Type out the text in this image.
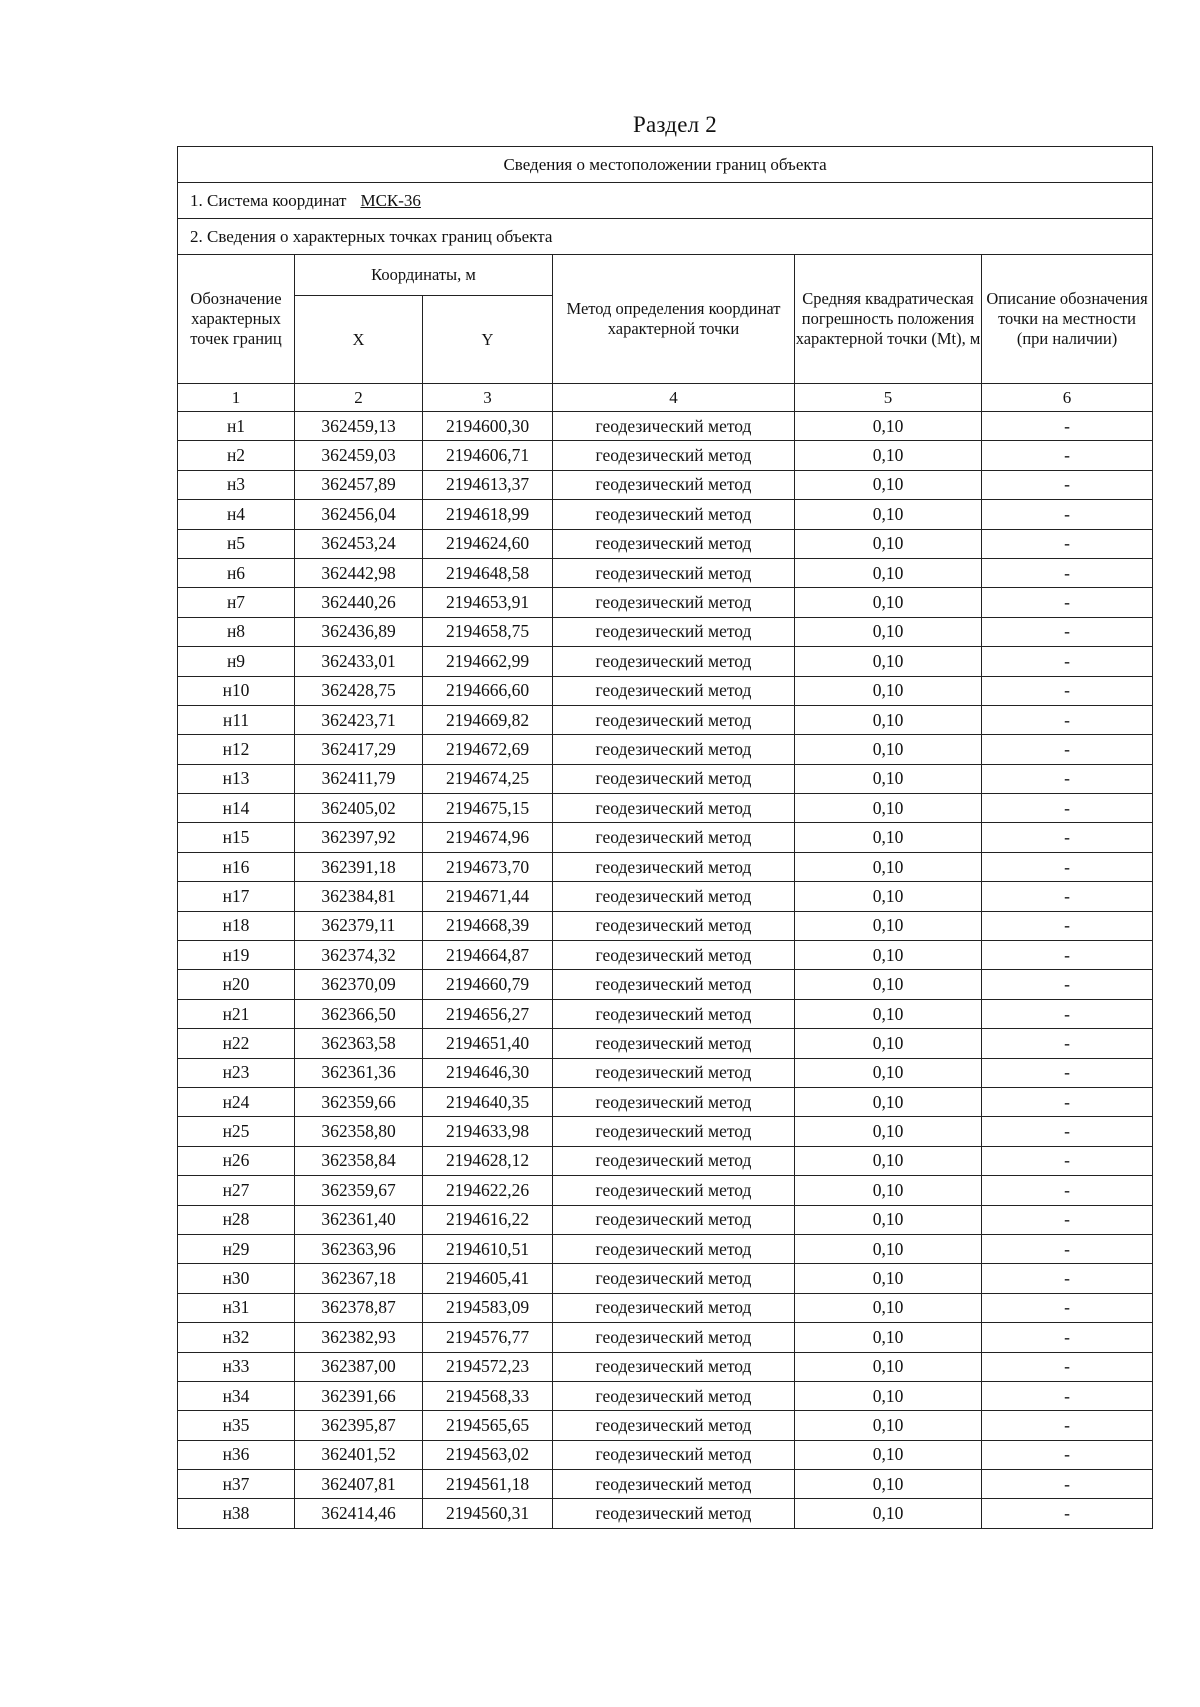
Раздел 2
Сведения о местоположении границ объекта					
1. Система координат МСК-36					
2. Сведения о характерных точках границ объекта					
Обозначение характерных точек границ	Координаты, м		Метод определения координат характерной точки	Средняя квадратическая погрешность положения характерной точки (Mt), м	Описание обозначения точки на местности (при наличии)
	X	Y			
1	2	3	4	5	6
н1	362459,13	2194600,30	геодезический метод	0,10	-
н2	362459,03	2194606,71	геодезический метод	0,10	-
н3	362457,89	2194613,37	геодезический метод	0,10	-
н4	362456,04	2194618,99	геодезический метод	0,10	-
н5	362453,24	2194624,60	геодезический метод	0,10	-
н6	362442,98	2194648,58	геодезический метод	0,10	-
н7	362440,26	2194653,91	геодезический метод	0,10	-
н8	362436,89	2194658,75	геодезический метод	0,10	-
н9	362433,01	2194662,99	геодезический метод	0,10	-
н10	362428,75	2194666,60	геодезический метод	0,10	-
н11	362423,71	2194669,82	геодезический метод	0,10	-
н12	362417,29	2194672,69	геодезический метод	0,10	-
н13	362411,79	2194674,25	геодезический метод	0,10	-
н14	362405,02	2194675,15	геодезический метод	0,10	-
н15	362397,92	2194674,96	геодезический метод	0,10	-
н16	362391,18	2194673,70	геодезический метод	0,10	-
н17	362384,81	2194671,44	геодезический метод	0,10	-
н18	362379,11	2194668,39	геодезический метод	0,10	-
н19	362374,32	2194664,87	геодезический метод	0,10	-
н20	362370,09	2194660,79	геодезический метод	0,10	-
н21	362366,50	2194656,27	геодезический метод	0,10	-
н22	362363,58	2194651,40	геодезический метод	0,10	-
н23	362361,36	2194646,30	геодезический метод	0,10	-
н24	362359,66	2194640,35	геодезический метод	0,10	-
н25	362358,80	2194633,98	геодезический метод	0,10	-
н26	362358,84	2194628,12	геодезический метод	0,10	-
н27	362359,67	2194622,26	геодезический метод	0,10	-
н28	362361,40	2194616,22	геодезический метод	0,10	-
н29	362363,96	2194610,51	геодезический метод	0,10	-
н30	362367,18	2194605,41	геодезический метод	0,10	-
н31	362378,87	2194583,09	геодезический метод	0,10	-
н32	362382,93	2194576,77	геодезический метод	0,10	-
н33	362387,00	2194572,23	геодезический метод	0,10	-
н34	362391,66	2194568,33	геодезический метод	0,10	-
н35	362395,87	2194565,65	геодезический метод	0,10	-
н36	362401,52	2194563,02	геодезический метод	0,10	-
н37	362407,81	2194561,18	геодезический метод	0,10	-
н38	362414,46	2194560,31	геодезический метод	0,10	-
